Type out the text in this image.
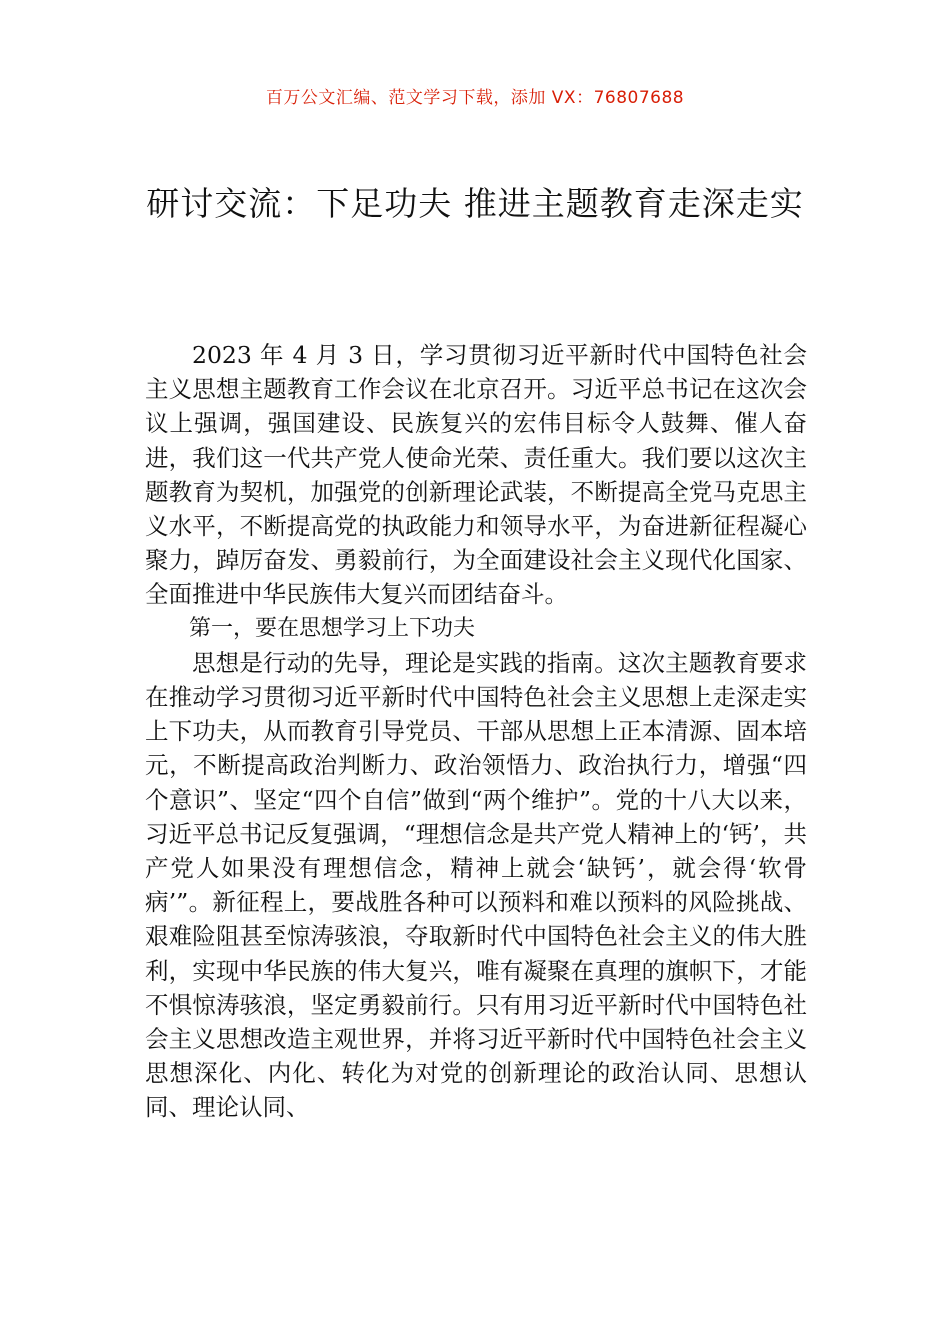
百万公文汇编、范文学习下载，添加 VX：76807688
研讨交流：下足功夫 推进主题教育走深走实

2023 年 4 月 3 日，学习贯彻习近平新时代中国特色社会主义思想主题教育工作会议在北京召开。习近平总书记在这次会议上强调，强国建设、民族复兴的宏伟目标令人鼓舞、催人奋进，我们这一代共产党人使命光荣、责任重大。我们要以这次主题教育为契机，加强党的创新理论武装，不断提高全党马克思主义水平，不断提高党的执政能力和领导水平，为奋进新征程凝心聚力，踔厉奋发、勇毅前行，为全面建设社会主义现代化国家、全面推进中华民族伟大复兴而团结奋斗。

第一，要在思想学习上下功夫

思想是行动的先导，理论是实践的指南。这次主题教育要求在推动学习贯彻习近平新时代中国特色社会主义思想上走深走实上下功夫，从而教育引导党员、干部从思想上正本清源、固本培元，不断提高政治判断力、政治领悟力、政治执行力，增强“四个意识”、坚定“四个自信”做到“两个维护”。党的十八大以来，习近平总书记反复强调，“理想信念是共产党人精神上的‘钙’，共产党人如果没有理想信念，精神上就会‘缺钙’，就会得‘软骨病’”。新征程上，要战胜各种可以预料和难以预料的风险挑战、艰难险阻甚至惊涛骇浪，夺取新时代中国特色社会主义的伟大胜利，实现中华民族的伟大复兴，唯有凝聚在真理的旗帜下，才能不惧惊涛骇浪，坚定勇毅前行。只有用习近平新时代中国特色社会主义思想改造主观世界，并将习近平新时代中国特色社会主义思想深化、内化、转化为对党的创新理论的政治认同、思想认同、理论认同、
